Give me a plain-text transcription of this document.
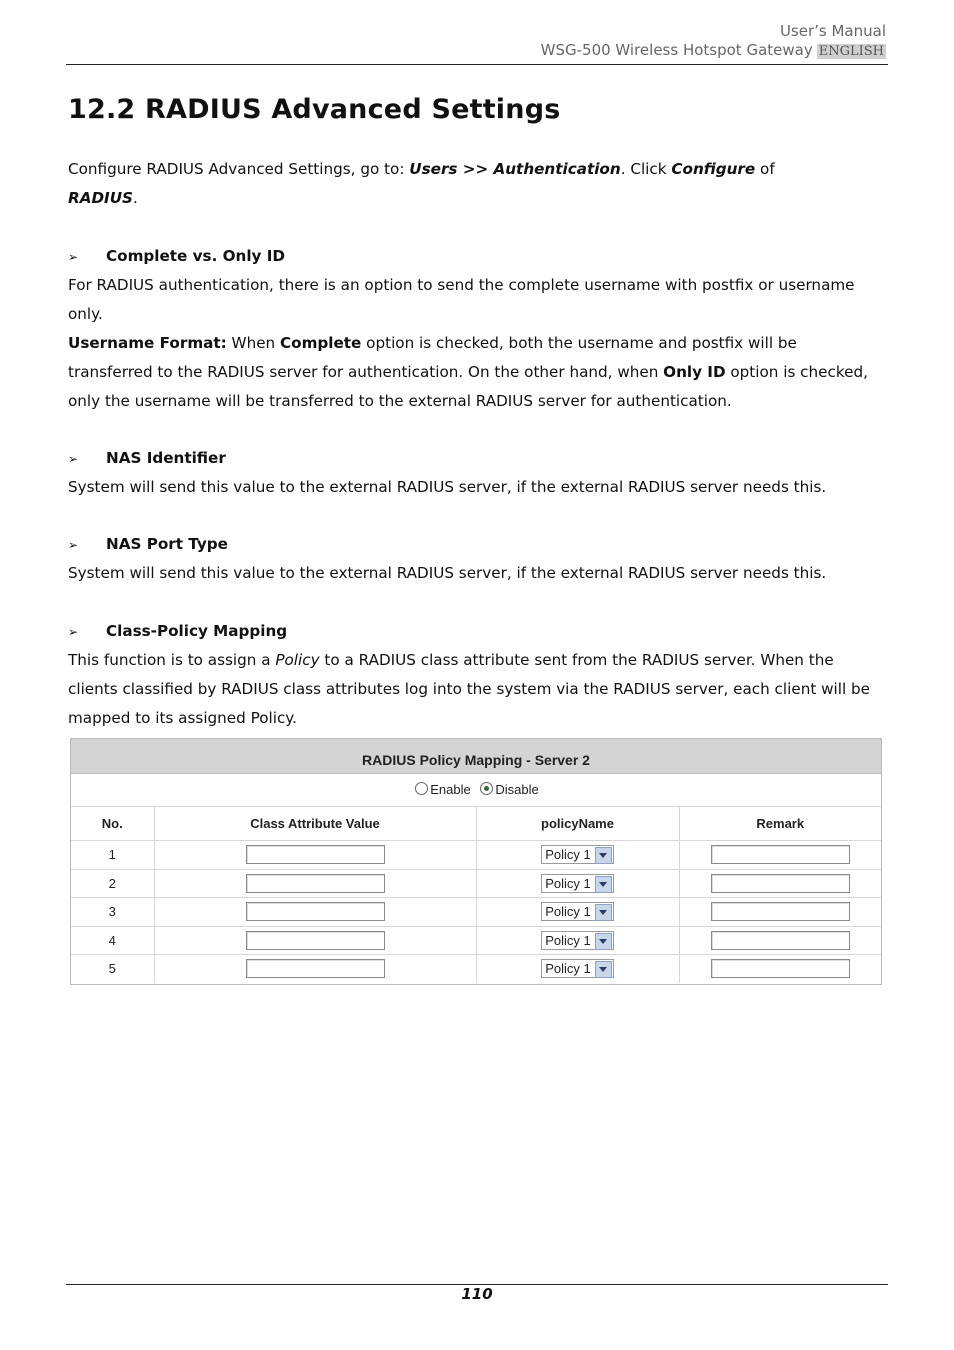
User’s Manual
WSG-500 Wireless Hotspot Gateway ENGLISH
12.2 RADIUS Advanced Settings
Configure RADIUS Advanced Settings, go to: Users >> Authentication. Click Configure of
RADIUS.
➢ Complete vs. Only ID
For RADIUS authentication, there is an option to send the complete username with postfix or username only.
Username Format: When Complete option is checked, both the username and postfix will be transferred to the RADIUS server for authentication. On the other hand, when Only ID option is checked, only the username will be transferred to the external RADIUS server for authentication.
➢ NAS Identifier
System will send this value to the external RADIUS server, if the external RADIUS server needs this.
➢ NAS Port Type
System will send this value to the external RADIUS server, if the external RADIUS server needs this.
➢ Class-Policy Mapping
This function is to assign a Policy to a RADIUS class attribute sent from the RADIUS server. When the clients classified by RADIUS class attributes log into the system via the RADIUS server, each client will be mapped to its assigned Policy.
RADIUS Policy Mapping - Server 2
Enable Disable
No.	Class Attribute Value	policyName	Remark
1		Policy 1	
2		Policy 1	
3		Policy 1	
4		Policy 1	
5		Policy 1	
110
